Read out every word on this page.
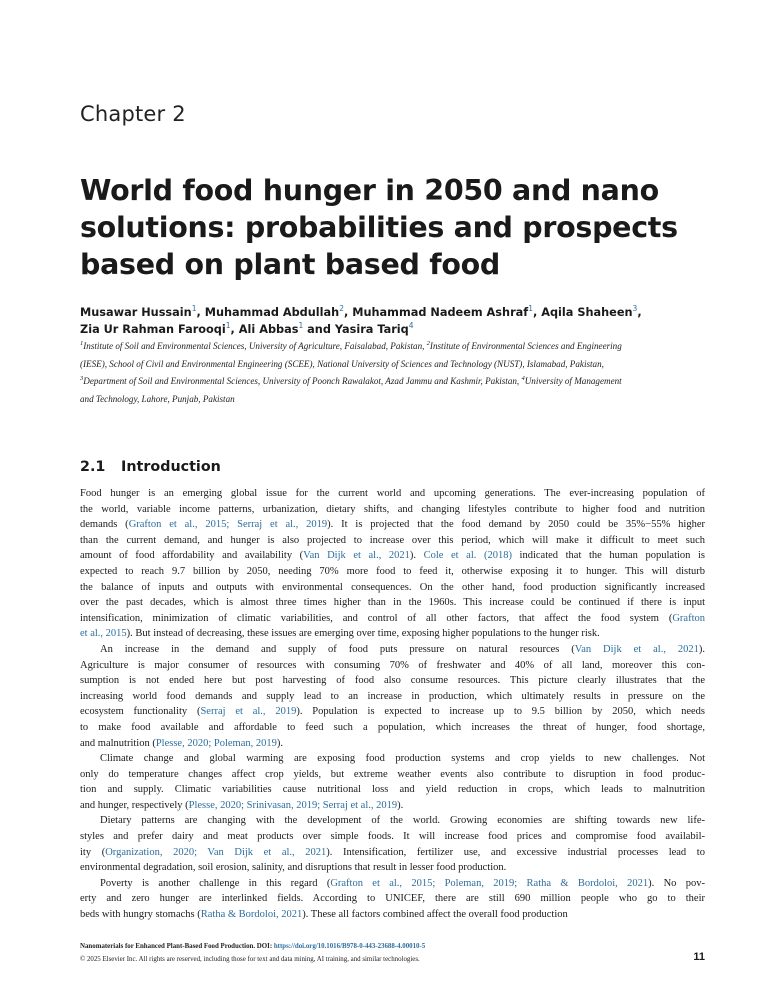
Chapter 2
World food hunger in 2050 and nano
solutions: probabilities and prospects
based on plant based food
Musawar Hussain$^1$, Muhammad Abdullah$^2$, Muhammad Nadeem Ashraf$^1$, Aqila Shaheen$^3$,
Zia Ur Rahman Farooqi$^1$, Ali Abbas$^1$ and Yasira Tariq$^4$
$^1$Institute of Soil and Environmental Sciences, University of Agriculture, Faisalabad, Pakistan, $^2$Institute of Environmental Sciences and Engineering
(IESE), School of Civil and Environmental Engineering (SCEE), National University of Sciences and Technology (NUST), Islamabad, Pakistan,
$^3$Department of Soil and Environmental Sciences, University of Poonch Rawalakot, Azad Jammu and Kashmir, Pakistan, $^4$University of Management
and Technology, Lahore, Punjab, Pakistan
2.1 Introduction
Food hunger is an emerging global issue for the current world and upcoming generations. The ever-increasing population of
the world, variable income patterns, urbanization, dietary shifts, and changing lifestyles contribute to higher food and nutrition
demands (Grafton et al., 2015; Serraj et al., 2019). It is projected that the food demand by 2050 could be 35%−55% higher
than the current demand, and hunger is also projected to increase over this period, which will make it difficult to meet such
amount of food affordability and availability (Van Dijk et al., 2021). Cole et al. (2018) indicated that the human population is
expected to reach 9.7 billion by 2050, needing 70% more food to feed it, otherwise exposing it to hunger. This will disturb
the balance of inputs and outputs with environmental consequences. On the other hand, food production significantly increased
over the past decades, which is almost three times higher than in the 1960s. This increase could be continued if there is input
intensification, minimization of climatic variabilities, and control of all other factors, that affect the food system (Grafton
et al., 2015). But instead of decreasing, these issues are emerging over time, exposing higher populations to the hunger risk.
An increase in the demand and supply of food puts pressure on natural resources (Van Dijk et al., 2021).
Agriculture is major consumer of resources with consuming 70% of freshwater and 40% of all land, moreover this con-
sumption is not ended here but post harvesting of food also consume resources. This picture clearly illustrates that the
increasing world food demands and supply lead to an increase in production, which ultimately results in pressure on the
ecosystem functionality (Serraj et al., 2019). Population is expected to increase up to 9.5 billion by 2050, which needs
to make food available and affordable to feed such a population, which increases the threat of hunger, food shortage,
and malnutrition (Plesse, 2020; Poleman, 2019).
Climate change and global warming are exposing food production systems and crop yields to new challenges. Not
only do temperature changes affect crop yields, but extreme weather events also contribute to disruption in food produc-
tion and supply. Climatic variabilities cause nutritional loss and yield reduction in crops, which leads to malnutrition
and hunger, respectively (Plesse, 2020; Srinivasan, 2019; Serraj et al., 2019).
Dietary patterns are changing with the development of the world. Growing economies are shifting towards new life-
styles and prefer dairy and meat products over simple foods. It will increase food prices and compromise food availabil-
ity (Organization, 2020; Van Dijk et al., 2021). Intensification, fertilizer use, and excessive industrial processes lead to
environmental degradation, soil erosion, salinity, and disruptions that result in lesser food production.
Poverty is another challenge in this regard (Grafton et al., 2015; Poleman, 2019; Ratha & Bordoloi, 2021). No pov-
erty and zero hunger are interlinked fields. According to UNICEF, there are still 690 million people who go to their
beds with hungry stomachs (Ratha & Bordoloi, 2021). These all factors combined affect the overall food production
Nanomaterials for Enhanced Plant-Based Food Production. DOI: https://doi.org/10.1016/B978-0-443-23688-4.00010-5
© 2025 Elsevier Inc. All rights are reserved, including those for text and data mining, AI training, and similar technologies.	11
